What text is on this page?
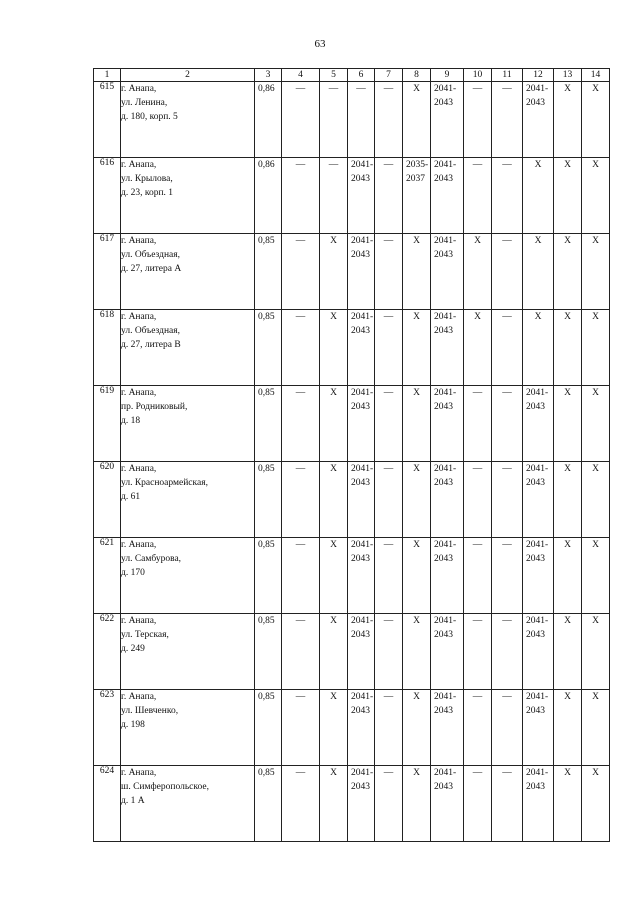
63
1	2	3	4	5	6	7	8	9	10	11	12	13	14
615	г. Анапа,
ул. Ленина,
д. 180, корп. 5	0,86	—	—	—	—	X	2041-
2043	—	—	2041-
2043	X	X
616	г. Анапа,
ул. Крылова,
д. 23, корп. 1	0,86	—	—	2041-
2043	—	2035-
2037	2041-
2043	—	—	X	X	X
617	г. Анапа,
ул. Объездная,
д. 27, литера А	0,85	—	X	2041-
2043	—	X	2041-
2043	X	—	X	X	X
618	г. Анапа,
ул. Объездная,
д. 27, литера В	0,85	—	X	2041-
2043	—	X	2041-
2043	X	—	X	X	X
619	г. Анапа,
пр. Родниковый,
д. 18	0,85	—	X	2041-
2043	—	X	2041-
2043	—	—	2041-
2043	X	X
620	г. Анапа,
ул. Красноармейская,
д. 61	0,85	—	X	2041-
2043	—	X	2041-
2043	—	—	2041-
2043	X	X
621	г. Анапа,
ул. Самбурова,
д. 170	0,85	—	X	2041-
2043	—	X	2041-
2043	—	—	2041-
2043	X	X
622	г. Анапа,
ул. Терская,
д. 249	0,85	—	X	2041-
2043	—	X	2041-
2043	—	—	2041-
2043	X	X
623	г. Анапа,
ул. Шевченко,
д. 198	0,85	—	X	2041-
2043	—	X	2041-
2043	—	—	2041-
2043	X	X
624	г. Анапа,
ш. Симферопольское,
д. 1 А	0,85	—	X	2041-
2043	—	X	2041-
2043	—	—	2041-
2043	X	X
